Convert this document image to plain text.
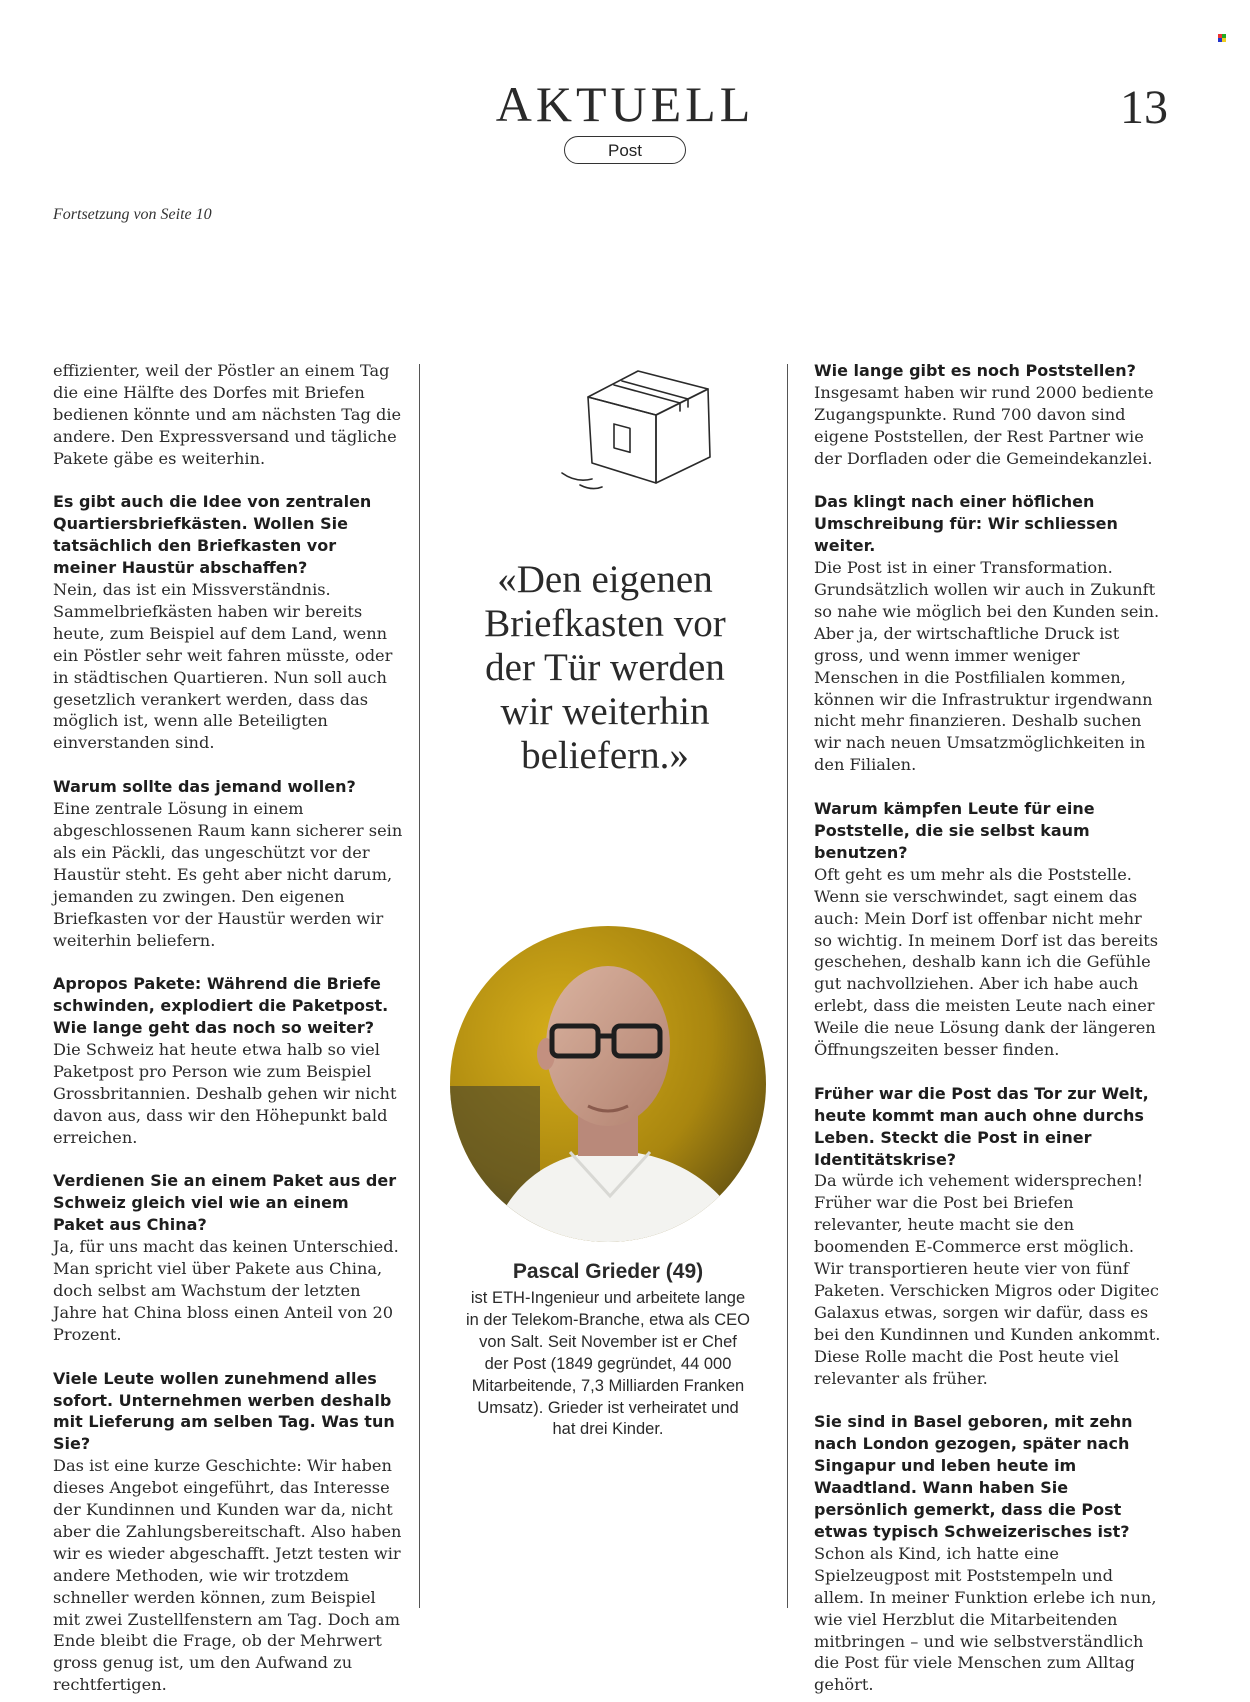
AKTUELL	13
Post
Fortsetzung von Seite 10

effizienter, weil der Pöstler an einem Tag die eine Hälfte des Dorfes mit Briefen bedienen könnte und am nächsten Tag die andere. Den Expressversand und tägliche Pakete gäbe es weiterhin.

Es gibt auch die Idee von zentralen Quartiersbriefkästen. Wollen Sie tatsächlich den Briefkasten vor meiner Haustür abschaffen?

Nein, das ist ein Missverständnis. Sammelbriefkästen haben wir bereits heute, zum Beispiel auf dem Land, wenn ein Pöstler sehr weit fahren müsste, oder in städtischen Quartieren. Nun soll auch gesetzlich verankert werden, dass das möglich ist, wenn alle Beteiligten einverstanden sind.

Warum sollte das jemand wollen?

Eine zentrale Lösung in einem abgeschlossenen Raum kann sicherer sein als ein Päckli, das ungeschützt vor der Haustür steht. Es geht aber nicht darum, jemanden zu zwingen. Den eigenen Briefkasten vor der Haustür werden wir weiterhin beliefern.

Apropos Pakete: Während die Briefe schwinden, explodiert die Paketpost. Wie lange geht das noch so weiter?

Die Schweiz hat heute etwa halb so viel Paketpost pro Person wie zum Beispiel Grossbritannien. Deshalb gehen wir nicht davon aus, dass wir den Höhepunkt bald erreichen.

Verdienen Sie an einem Paket aus der Schweiz gleich viel wie an einem Paket aus China?

Ja, für uns macht das keinen Unterschied. Man spricht viel über Pakete aus China, doch selbst am Wachstum der letzten Jahre hat China bloss einen Anteil von 20 Prozent.

Viele Leute wollen zunehmend alles sofort. Unternehmen werben deshalb mit Lieferung am selben Tag. Was tun Sie?

Das ist eine kurze Geschichte: Wir haben dieses Angebot eingeführt, das Interesse der Kundinnen und Kunden war da, nicht aber die Zahlungsbereitschaft. Also haben wir es wieder abgeschafft. Jetzt testen wir andere Methoden, wie wir trotzdem schneller werden können, zum Beispiel mit zwei Zustellfenstern am Tag. Doch am Ende bleibt die Frage, ob der Mehrwert gross genug ist, um den Aufwand zu rechtfertigen.

«Den eigenen Briefkasten vor der Tür werden wir weiterhin beliefern.»
Pascal Grieder (49)
ist ETH-Ingenieur und arbeitete lange in der Telekom-Branche, etwa als CEO von Salt. Seit November ist er Chef der Post (1849 gegründet, 44 000 Mitarbeitende, 7,3 Milliarden Franken Umsatz). Grieder ist verheiratet und hat drei Kinder.

Wie lange gibt es noch Poststellen?

Insgesamt haben wir rund 2000 bediente Zugangspunkte. Rund 700 davon sind eigene Poststellen, der Rest Partner wie der Dorfladen oder die Gemeindekanzlei.

Das klingt nach einer höflichen Umschreibung für: Wir schliessen weiter.

Die Post ist in einer Transformation. Grundsätzlich wollen wir auch in Zukunft so nahe wie möglich bei den Kunden sein. Aber ja, der wirtschaftliche Druck ist gross, und wenn immer weniger Menschen in die Postfilialen kommen, können wir die Infrastruktur irgendwann nicht mehr finanzieren. Deshalb suchen wir nach neuen Umsatzmöglichkeiten in den Filialen.

Warum kämpfen Leute für eine Poststelle, die sie selbst kaum benutzen?

Oft geht es um mehr als die Poststelle. Wenn sie verschwindet, sagt einem das auch: Mein Dorf ist offenbar nicht mehr so wichtig. In meinem Dorf ist das bereits geschehen, deshalb kann ich die Gefühle gut nachvollziehen. Aber ich habe auch erlebt, dass die meisten Leute nach einer Weile die neue Lösung dank der längeren Öffnungszeiten besser finden.

Früher war die Post das Tor zur Welt, heute kommt man auch ohne durchs Leben. Steckt die Post in einer Identitätskrise?

Da würde ich vehement widersprechen! Früher war die Post bei Briefen relevanter, heute macht sie den boomenden E-Commerce erst möglich. Wir transportieren heute vier von fünf Paketen. Verschicken Migros oder Digitec Galaxus etwas, sorgen wir dafür, dass es bei den Kundinnen und Kunden ankommt. Diese Rolle macht die Post heute viel relevanter als früher.

Sie sind in Basel geboren, mit zehn nach London gezogen, später nach Singapur und leben heute im Waadtland. Wann haben Sie persönlich gemerkt, dass die Post etwas typisch Schweizerisches ist?

Schon als Kind, ich hatte eine Spielzeugpost mit Poststempeln und allem. In meiner Funktion erlebe ich nun, wie viel Herzblut die Mitarbeitenden mitbringen – und wie selbstverständlich die Post für viele Menschen zum Alltag gehört.
